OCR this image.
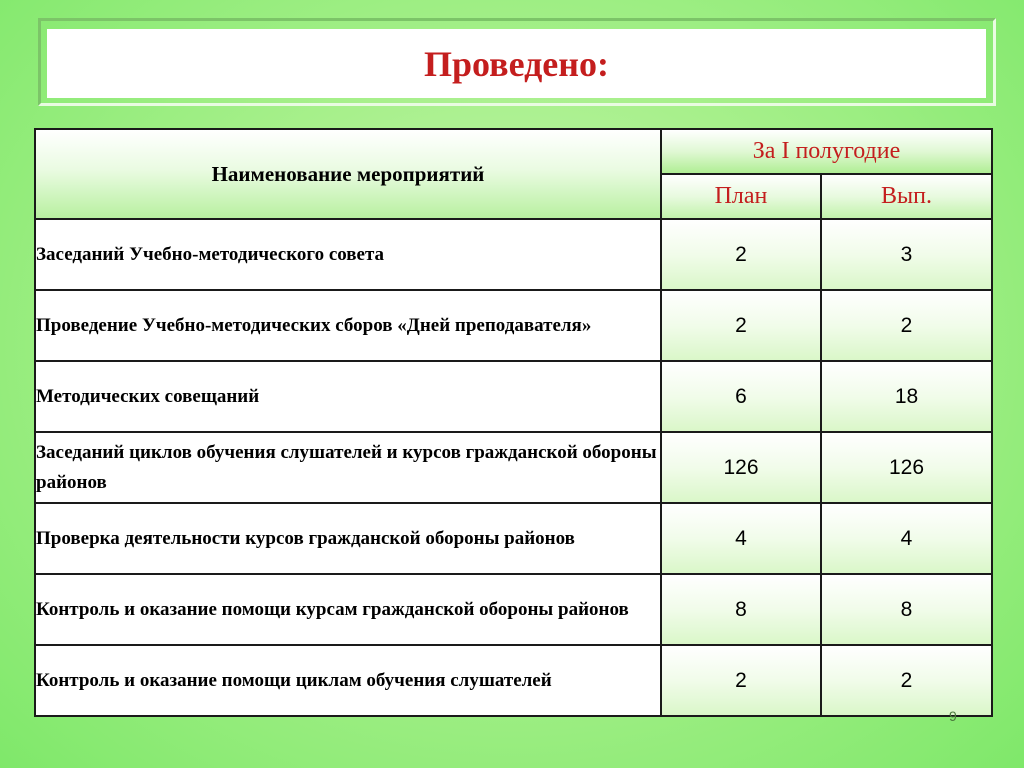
Проведено:
Наименование мероприятий	За I полугодие	
	План	Вып.
Заседаний Учебно-методического совета	2	3
Проведение Учебно-методических сборов «Дней преподавателя»	2	2
Методических совещаний	6	18
Заседаний циклов обучения слушателей и курсов гражданской обороны районов	126	126
Проверка деятельности курсов гражданской обороны районов	4	4
Контроль и оказание помощи курсам гражданской обороны районов	8	8
Контроль и оказание помощи циклам обучения слушателей	2	2
9
